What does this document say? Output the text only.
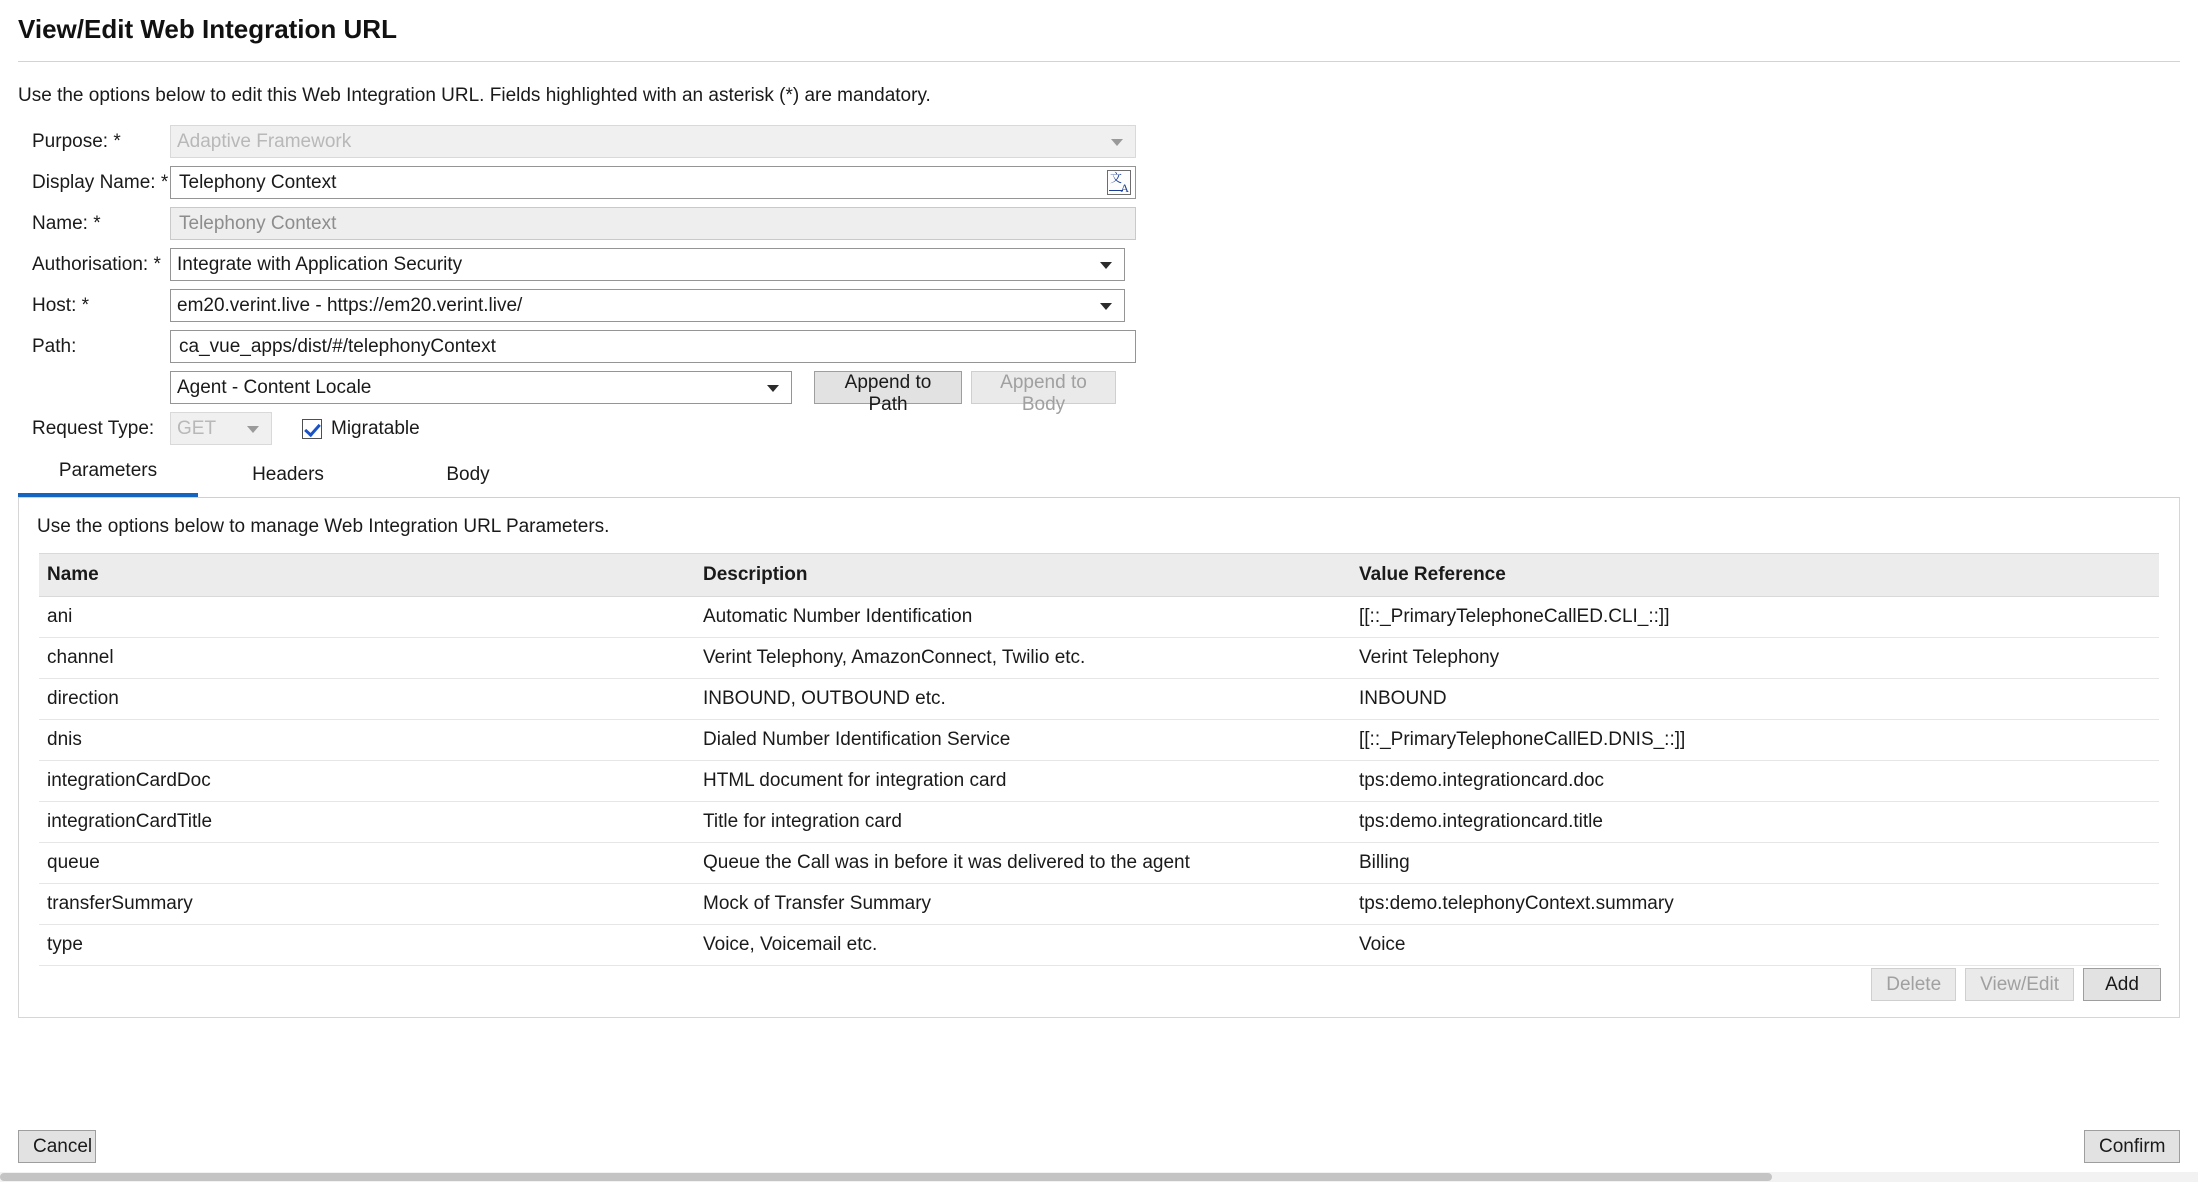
View/Edit Web Integration URL
Use the options below to edit this Web Integration URL. Fields highlighted with an asterisk (*) are mandatory.
Purpose: *
Adaptive Framework
Display Name: *
Telephony Context	文
A
Name: *	Telephony Context
Authorisation: *
Integrate with Application Security
Host: *
em20.verint.live - https://em20.verint.live/
Path:
ca_vue_apps/dist/#/telephonyContext
Agent - Content Locale
Append to Path
Append to Body
Request Type:
GET	Migratable
Parameters	Headers	Body
Use the options below to manage Web Integration URL Parameters.
Name	Description	Value Reference
ani	Automatic Number Identification	[[::_PrimaryTelephoneCallED.CLI_::]]
channel	Verint Telephony, AmazonConnect, Twilio etc.	Verint Telephony
direction	INBOUND, OUTBOUND etc.	INBOUND
dnis	Dialed Number Identification Service	[[::_PrimaryTelephoneCallED.DNIS_::]]
integrationCardDoc	HTML document for integration card	tps:demo.integrationcard.doc
integrationCardTitle	Title for integration card	tps:demo.integrationcard.title
queue	Queue the Call was in before it was delivered to the agent	Billing
transferSummary	Mock of Transfer Summary	tps:demo.telephonyContext.summary
type	Voice, Voicemail etc.	Voice
Delete	View/Edit	Add
Cancel	Confirm
